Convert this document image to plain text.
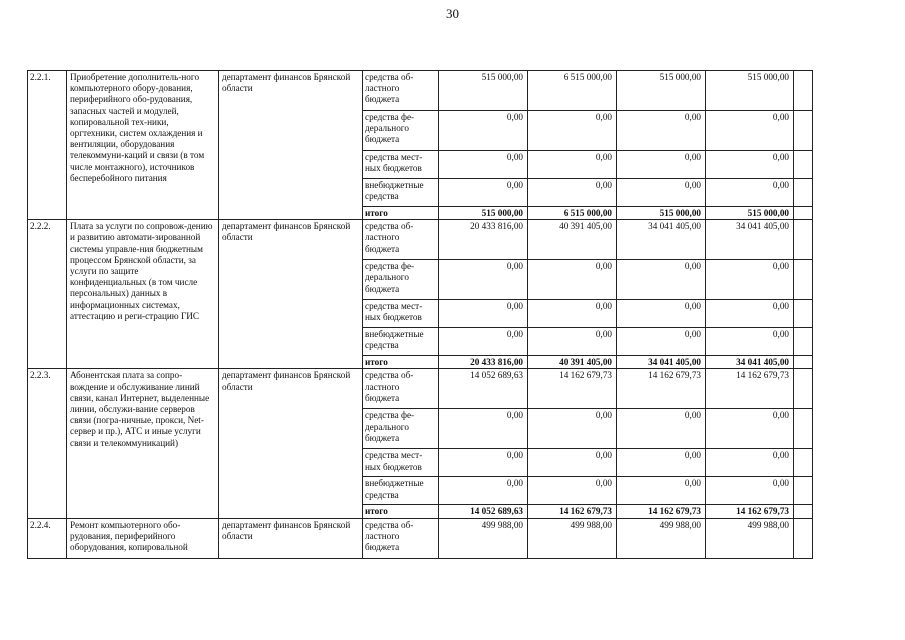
30
2.2.1.	Приобретение дополнитель-ного компьютерного обору-дования, периферийного обо-рудования, запасных частей и модулей, копировальной тех-ники, оргтехники, систем охлаждения и вентиляции, оборудования телекоммуни-каций и связи (в том числе монтажного), источников бесперебойного питания	департамент финансов Брянской области	средства об-ластного бюджета	515 000,00	6 515 000,00	515 000,00	515 000,00	
			средства фе-дерального бюджета	0,00	0,00	0,00	0,00	
			средства мест-ных бюджетов	0,00	0,00	0,00	0,00	
			внебюджетные средства	0,00	0,00	0,00	0,00	
			итого	515 000,00	6 515 000,00	515 000,00	515 000,00	
2.2.2.	Плата за услуги по сопровож-дению и развитию автомати-зированной системы управле-ния бюджетным процессом Брянской области, за услуги по защите конфиденциальных (в том числе персональных) данных в информационных системах, аттестацию и реги-страцию ГИС	департамент финансов Брянской области	средства об-ластного бюджета	20 433 816,00	40 391 405,00	34 041 405,00	34 041 405,00	
			средства фе-дерального бюджета	0,00	0,00	0,00	0,00	
			средства мест-ных бюджетов	0,00	0,00	0,00	0,00	
			внебюджетные средства	0,00	0,00	0,00	0,00	
			итого	20 433 816,00	40 391 405,00	34 041 405,00	34 041 405,00	
2.2.3.	Абонентская плата за сопро-вождение и обслуживание линий связи, канал Интернет, выделенные линии, обслужи-вание серверов связи (погра-ничные, прокси, Net-сервер и пр.), АТС и иные услуги связи и телекоммуникаций)	департамент финансов Брянской области	средства об-ластного бюджета	14 052 689,63	14 162 679,73	14 162 679,73	14 162 679,73	
			средства фе-дерального бюджета	0,00	0,00	0,00	0,00	
			средства мест-ных бюджетов	0,00	0,00	0,00	0,00	
			внебюджетные средства	0,00	0,00	0,00	0,00	
			итого	14 052 689,63	14 162 679,73	14 162 679,73	14 162 679,73	
2.2.4.	Ремонт компьютерного обо-рудования, периферийного оборудования, копировальной	департамент финансов Брянской области	средства об-ластного бюджета	499 988,00	499 988,00	499 988,00	499 988,00	
